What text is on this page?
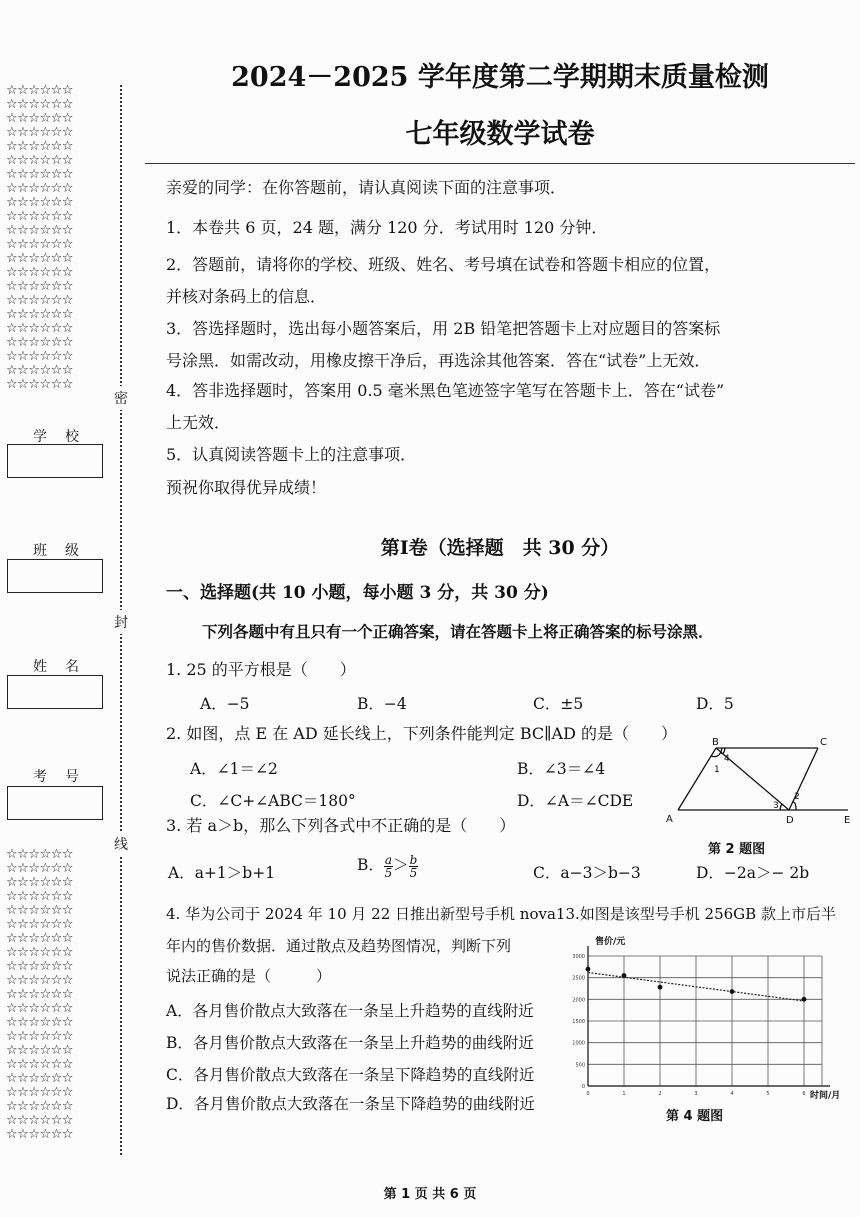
☆☆☆☆☆☆
☆☆☆☆☆☆
☆☆☆☆☆☆
☆☆☆☆☆☆
☆☆☆☆☆☆
☆☆☆☆☆☆
☆☆☆☆☆☆
☆☆☆☆☆☆
☆☆☆☆☆☆
☆☆☆☆☆☆
☆☆☆☆☆☆
☆☆☆☆☆☆
☆☆☆☆☆☆
☆☆☆☆☆☆
☆☆☆☆☆☆
☆☆☆☆☆☆
☆☆☆☆☆☆
☆☆☆☆☆☆
☆☆☆☆☆☆
☆☆☆☆☆☆
☆☆☆☆☆☆
☆☆☆☆☆☆
密
封
线
学校
班级
姓名
考号
☆☆☆☆☆☆
☆☆☆☆☆☆
☆☆☆☆☆☆
☆☆☆☆☆☆
☆☆☆☆☆☆
☆☆☆☆☆☆
☆☆☆☆☆☆
☆☆☆☆☆☆
☆☆☆☆☆☆
☆☆☆☆☆☆
☆☆☆☆☆☆
☆☆☆☆☆☆
☆☆☆☆☆☆
☆☆☆☆☆☆
☆☆☆☆☆☆
☆☆☆☆☆☆
☆☆☆☆☆☆
☆☆☆☆☆☆
☆☆☆☆☆☆
☆☆☆☆☆☆
☆☆☆☆☆☆
2024－2025 学年度第二学期期末质量检测
七年级数学试卷
亲爱的同学：在你答题前，请认真阅读下面的注意事项．
1．本卷共 6 页，24 题，满分 120 分．考试用时 120 分钟．
2．答题前，请将你的学校、班级、姓名、考号填在试卷和答题卡相应的位置，
并核对条码上的信息．
3．答选择题时，选出每小题答案后，用 2B 铅笔把答题卡上对应题目的答案标
号涂黑．如需改动，用橡皮擦干净后，再选涂其他答案．答在“试卷”上无效．
4．答非选择题时，答案用 0.5 毫米黑色笔迹签字笔写在答题卡上．答在“试卷”
上无效．
5．认真阅读答题卡上的注意事项．
预祝你取得优异成绩！
第Ⅰ卷（选择题　共 30 分）
一、选择题(共 10 小题，每小题 3 分，共 30 分)
下列各题中有且只有一个正确答案，请在答题卡上将正确答案的标号涂黑．
1. 25 的平方根是（　　）
A．−5	B．−4	C．±5	D．5
2. 如图，点 E 在 AD 延长线上，下列条件能判定 BC∥AD 的是（　　）
A．∠1＝∠2	B．∠3＝∠4
C．∠C+∠ABC＝180°	D．∠A＝∠CDE
B	C
A	D	E
1
4
3
2
第 2 题图
3. 若 a＞b，那么下列各式中不正确的是（　　）
A．a+1＞b+1	B． $\frac{a}{5} > \frac{b}{5}$	C．a−3＞b−3	D．−2a＞− 2b
4. 华为公司于 2024 年 10 月 22 日推出新型号手机 nova13.如图是该型号手机 256GB 款上市后半
年内的售价数据．通过散点及趋势图情况，判断下列
说法正确的是（　　　）
A．各月售价散点大致落在一条呈上升趋势的直线附近
B．各月售价散点大致落在一条呈上升趋势的曲线附近
C．各月售价散点大致落在一条呈下降趋势的直线附近
D．各月售价散点大致落在一条呈下降趋势的曲线附近
0
500
1000
1500
2000
2500
3000
0	1	2	3	4	5	6
售价/元
时间/月
第 4 题图
第 1 页 共 6 页
